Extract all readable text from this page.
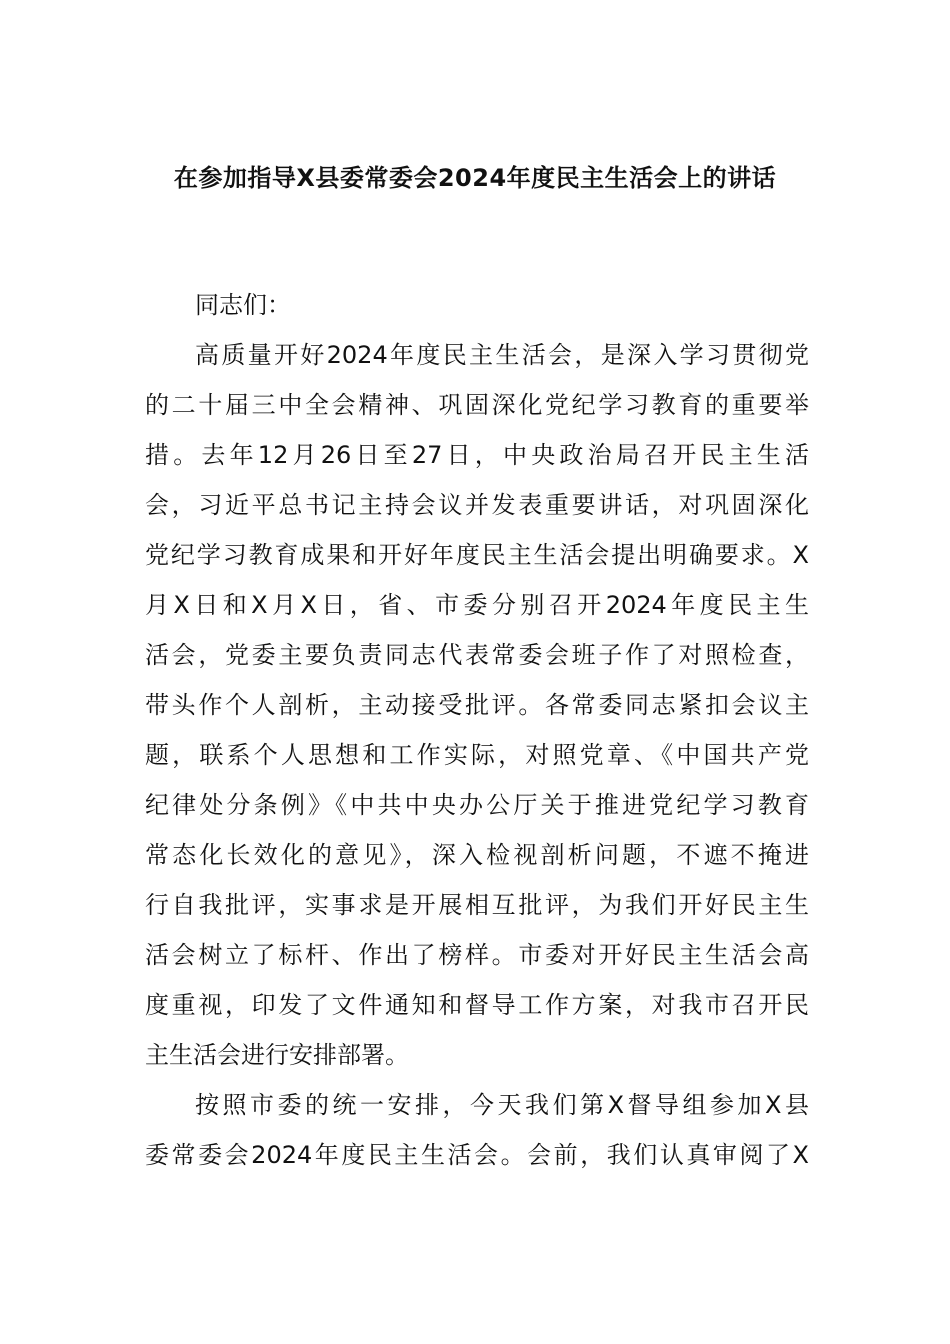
在参加指导X县委常委会2024年度民主生活会上的讲话
同志们：
高质量开好2024年度民主生活会，是深入学习贯彻党
的二十届三中全会精神、巩固深化党纪学习教育的重要举
措。去年12月26日至27日，中央政治局召开民主生活
会，习近平总书记主持会议并发表重要讲话，对巩固深化
党纪学习教育成果和开好年度民主生活会提出明确要求。X
月X日和X月X日，省、市委分别召开2024年度民主生
活会，党委主要负责同志代表常委会班子作了对照检查，
带头作个人剖析，主动接受批评。各常委同志紧扣会议主
题，联系个人思想和工作实际，对照党章、《中国共产党
纪律处分条例》《中共中央办公厅关于推进党纪学习教育
常态化长效化的意见》，深入检视剖析问题，不遮不掩进
行自我批评，实事求是开展相互批评，为我们开好民主生
活会树立了标杆、作出了榜样。市委对开好民主生活会高
度重视，印发了文件通知和督导工作方案，对我市召开民
主生活会进行安排部署。
按照市委的统一安排，今天我们第X督导组参加X县
委常委会2024年度民主生活会。会前，我们认真审阅了X
